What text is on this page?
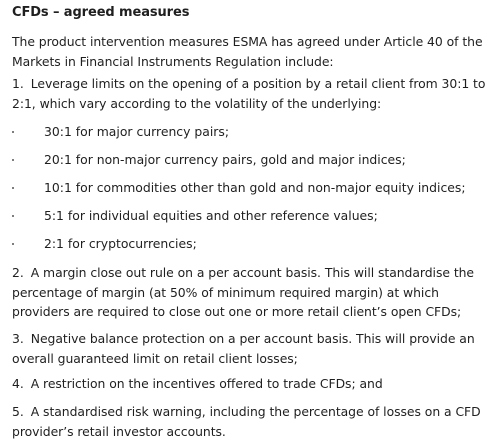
CFDs – agreed measures
The product intervention measures ESMA has agreed under Article 40 of the Markets in Financial Instruments Regulation include:
1. Leverage limits on the opening of a position by a retail client from 30:1 to 2:1, which vary according to the volatility of the underlying:
30:1 for major currency pairs;
20:1 for non-major currency pairs, gold and major indices;
10:1 for commodities other than gold and non-major equity indices;
5:1 for individual equities and other reference values;
2:1 for cryptocurrencies;
2. A margin close out rule on a per account basis. This will standardise the percentage of margin (at 50% of minimum required margin) at which providers are required to close out one or more retail client’s open CFDs;
3. Negative balance protection on a per account basis. This will provide an overall guaranteed limit on retail client losses;
4. A restriction on the incentives offered to trade CFDs; and
5. A standardised risk warning, including the percentage of losses on a CFD provider’s retail investor accounts.
